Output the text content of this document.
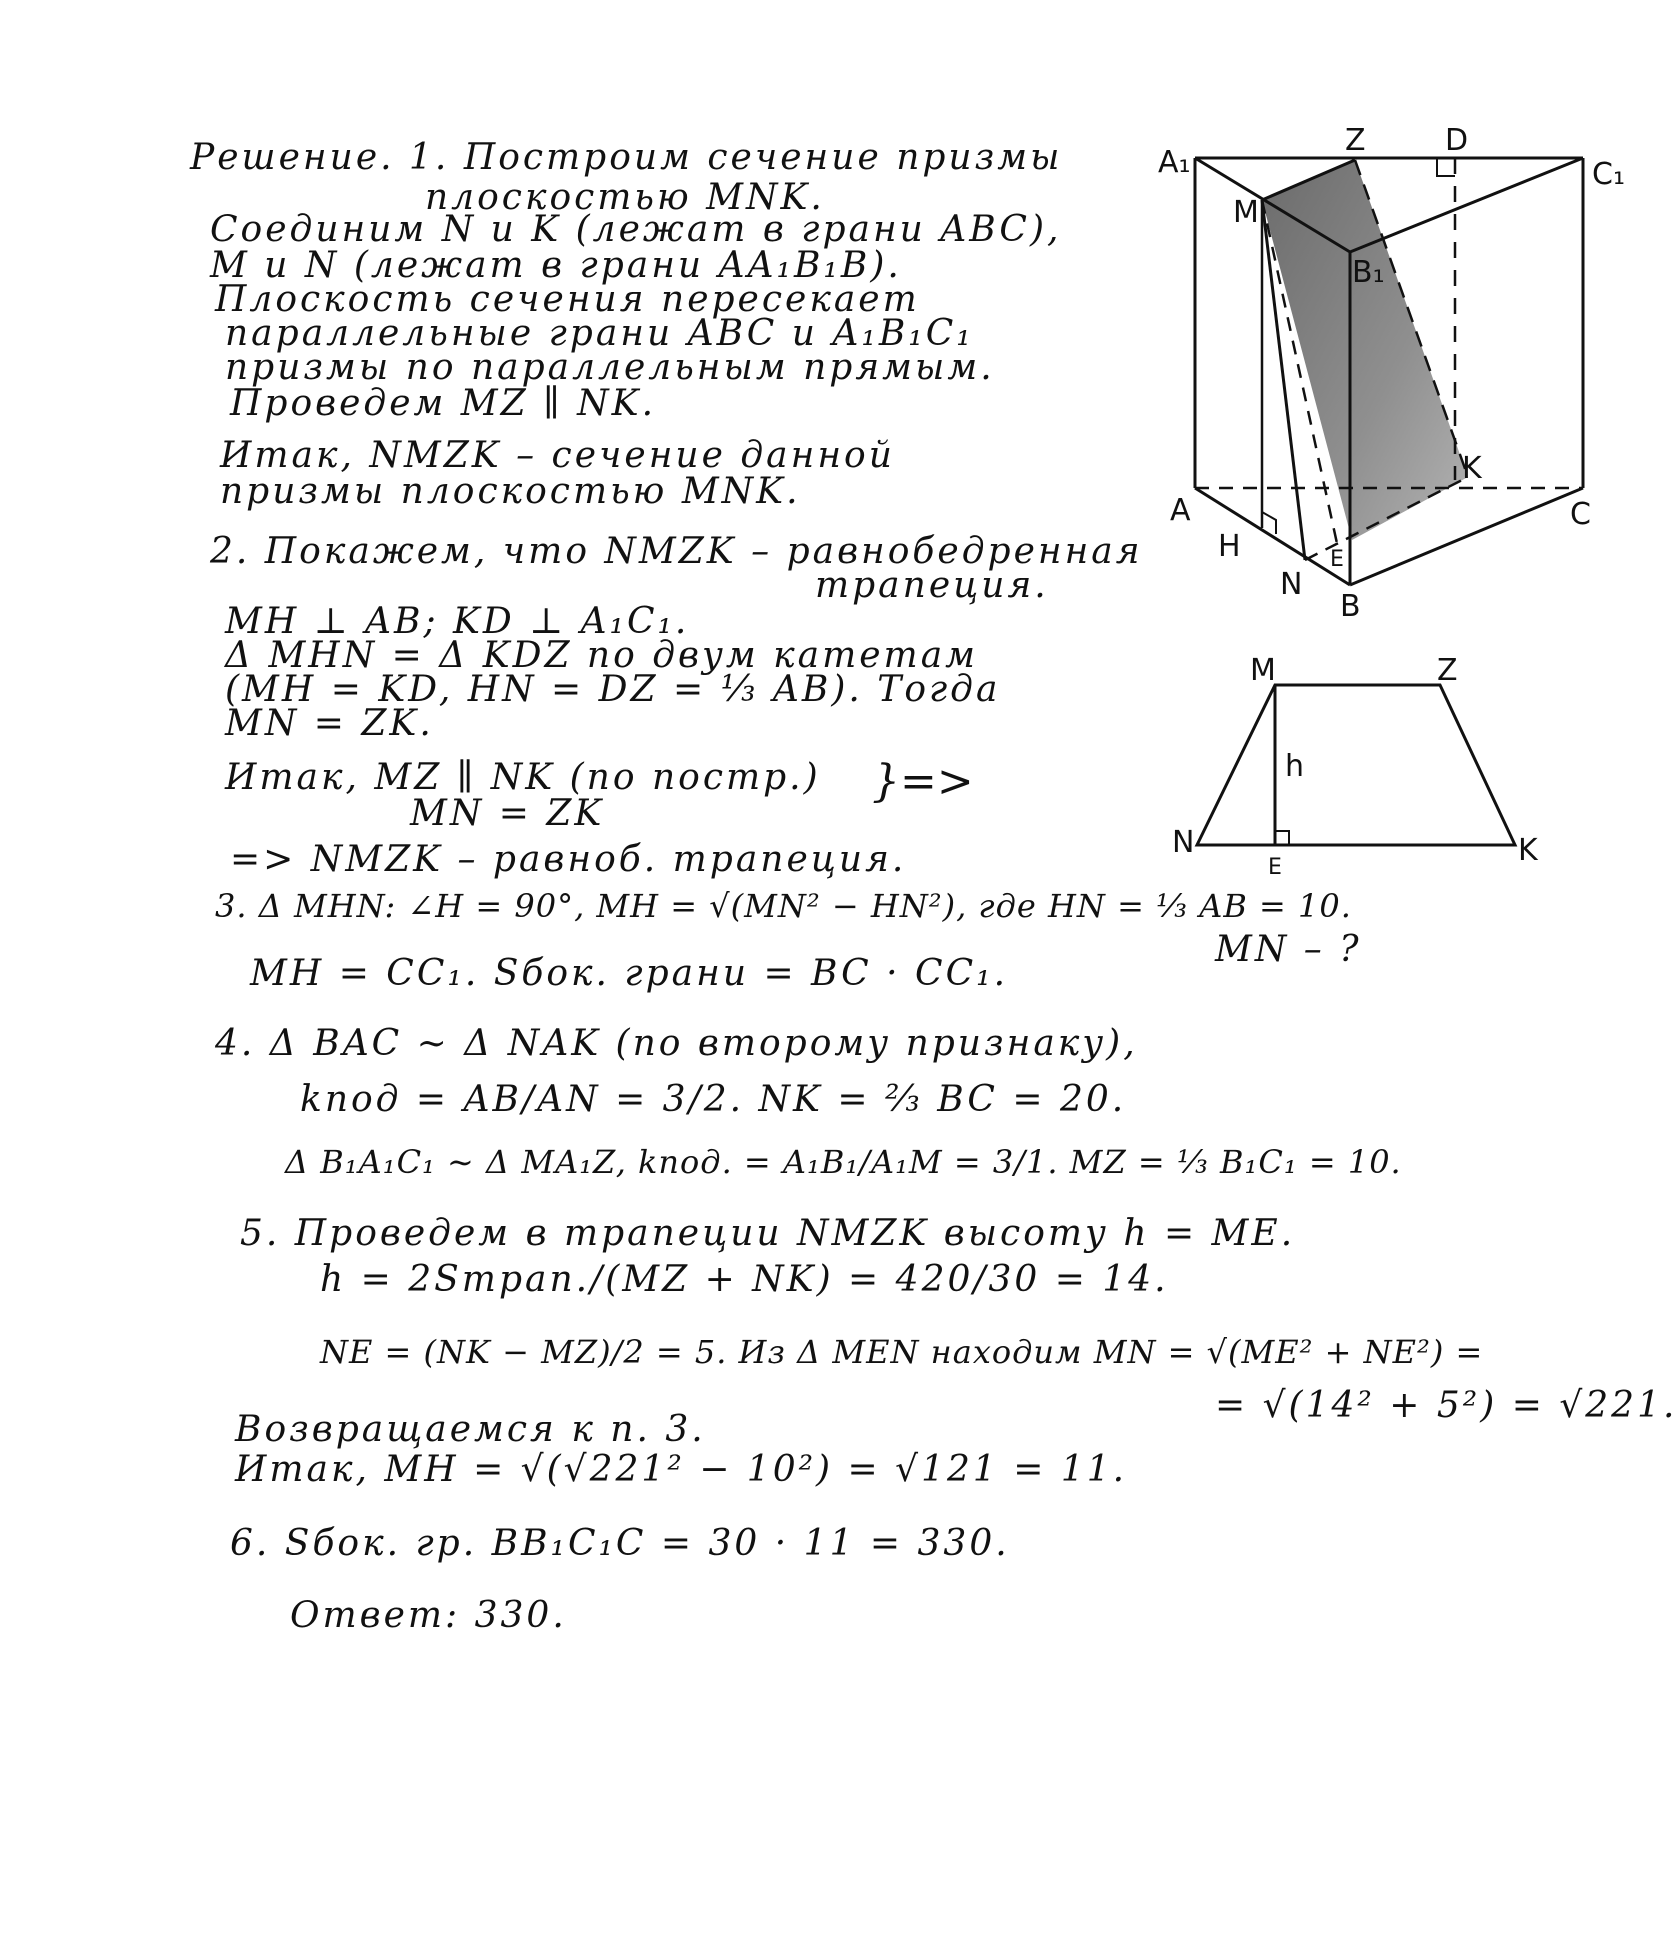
Решение. 1. Построим сечение призмы
плоскостью MNK.
Соединим N и K (лежат в грани ABC),
M и N (лежат в грани AA₁B₁B).
Плоскость сечения пересекает
параллельные грани ABC и A₁B₁C₁
призмы по параллельным прямым.
Проведем MZ ∥ NK.
Итак, NMZK – сечение данной
призмы плоскостью MNK.
2. Покажем, что NMZK – равнобедренная
трапеция.
MH ⊥ AB; KD ⊥ A₁C₁.
Δ MHN = Δ KDZ по двум катетам
(MH = KD, HN = DZ = ⅓ AB). Тогда
MN = ZK.
Итак, MZ ∥ NK (по постр.)
MN = ZK
}=>
=> NMZK – равноб. трапеция.
3. Δ MHN: ∠H = 90°, MH = √(MN² − HN²), где HN = ⅓ AB = 10.
MN – ?
MH = CC₁. Sбок. грани = BC · CC₁.
4. Δ BAC ∼ Δ NAK (по второму признаку),
kпод = AB/AN = 3/2. NK = ⅔ BC = 20.
Δ B₁A₁C₁ ∼ Δ MA₁Z, kпод. = A₁B₁/A₁M = 3/1. MZ = ⅓ B₁C₁ = 10.
5. Проведем в трапеции NMZK высоту h = ME.
h = 2Sтрап./(MZ + NK) = 420/30 = 14.
NE = (NK − MZ)/2 = 5. Из Δ MEN находим MN = √(ME² + NE²) =
= √(14² + 5²) = √221.
Возвращаемся к п. 3.
Итак, MH = √(√221² − 10²) = √121 = 11.
6. Sбок. гр. BB₁C₁C = 30 · 11 = 330.
Ответ: 330.
A₁
Z	D
C₁
M
B₁
A
H
K
C
N
E
B
M	Z
h
N
E	K
